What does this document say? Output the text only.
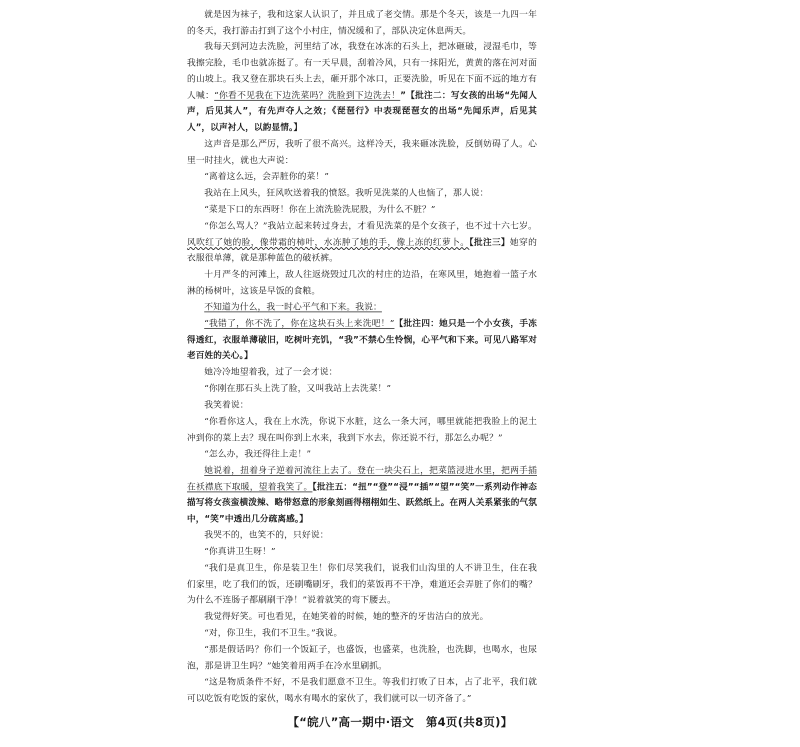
就是因为袜子，我和这家人认识了，并且成了老交情。那是个冬天，该是一九四一年的冬天，我打游击打到了这个小村庄，情况缓和了，部队决定休息两天。

我每天到河边去洗脸，河里结了冰，我登在冰冻的石头上，把冰砸破，浸湿毛巾，等我擦完脸，毛巾也就冻挺了。有一天早晨，刮着冷风，只有一抹阳光，黄黄的落在河对面的山坡上。我又登在那块石头上去，砸开那个冰口，正要洗脸，听见在下面不远的地方有人喊：“你看不见我在下边洗菜吗？洗脸到下边洗去！”【批注二：写女孩的出场“先闻人声，后见其人”，有先声夺人之效；《琵琶行》中表现琵琶女的出场“先闻乐声，后见其人”，以声衬人，以韵显情。】

这声音是那么严厉，我听了很不高兴。这样冷天，我来砸冰洗脸，反倒妨碍了人。心里一时挂火，就也大声说：

“离着这么远，会弄脏你的菜！”

我站在上风头，狂风吹送着我的愤怒。我听见洗菜的人也恼了，那人说：

“菜是下口的东西呀！你在上流洗脸洗屁股，为什么不脏？”

“你怎么骂人？”我站立起来转过身去，才看见洗菜的是个女孩子，也不过十六七岁。风吹红了她的脸，像带霜的柿叶，水冻肿了她的手，像上冻的红萝卜。【批注三】她穿的衣服很单薄，就是那种蓝色的破袄裤。

十月严冬的河滩上，敌人往返烧毁过几次的村庄的边沿，在寒风里，她抱着一篮子水淋的杨树叶，这该是早饭的食粮。

不知道为什么，我一时心平气和下来。我说：

“我错了，你不洗了，你在这块石头上来洗吧！”【批注四：她只是一个小女孩，手冻得透红，衣服单薄破旧，吃树叶充饥，“我”不禁心生怜悯，心平气和下来。可见八路军对老百姓的关心。】

她冷冷地望着我，过了一会才说：

“你刚在那石头上洗了脸，又叫我站上去洗菜！”

我笑着说：

“你看你这人，我在上水洗，你说下水脏，这么一条大河，哪里就能把我脸上的泥土冲到你的菜上去？现在叫你到上水来，我到下水去，你还说不行，那怎么办呢？”

“怎么办，我还得往上走！”

她说着，扭着身子逆着河流往上去了。登在一块尖石上，把菜篮浸进水里，把两手插在袄襟底下取暖，望着我笑了。【批注五：“扭”“登”“浸”“插”“望”“笑”一系列动作神态描写将女孩蛮横泼辣、略带怒意的形象刻画得栩栩如生、跃然纸上。在两人关系紧张的气氛中，“笑”中透出几分疏离感。】

我哭不的，也笑不的，只好说：

“你真讲卫生呀！”

“我们是真卫生，你是装卫生！你们尽笑我们，说我们山沟里的人不讲卫生，住在我们家里，吃了我们的饭，还刷嘴刷牙，我们的菜饭再不干净，难道还会弄脏了你们的嘴？为什么不连肠子都刷刷干净！”说着就笑的弯下腰去。

我觉得好笑。可也看见，在她笑着的时候，她的整齐的牙齿洁白的放光。

“对，你卫生，我们不卫生。”我说。

“那是假话吗？你们一个饭缸子，也盛饭，也盛菜，也洗脸，也洗脚，也喝水，也尿泡，那是讲卫生吗？”她笑着用两手在冷水里刷抓。

“这是物质条件不好，不是我们愿意不卫生。等我们打败了日本，占了北平，我们就可以吃饭有吃饭的家伙，喝水有喝水的家伙了，我们就可以一切齐备了。”

【“皖八”高一期中·语文　第4页(共8页)】
